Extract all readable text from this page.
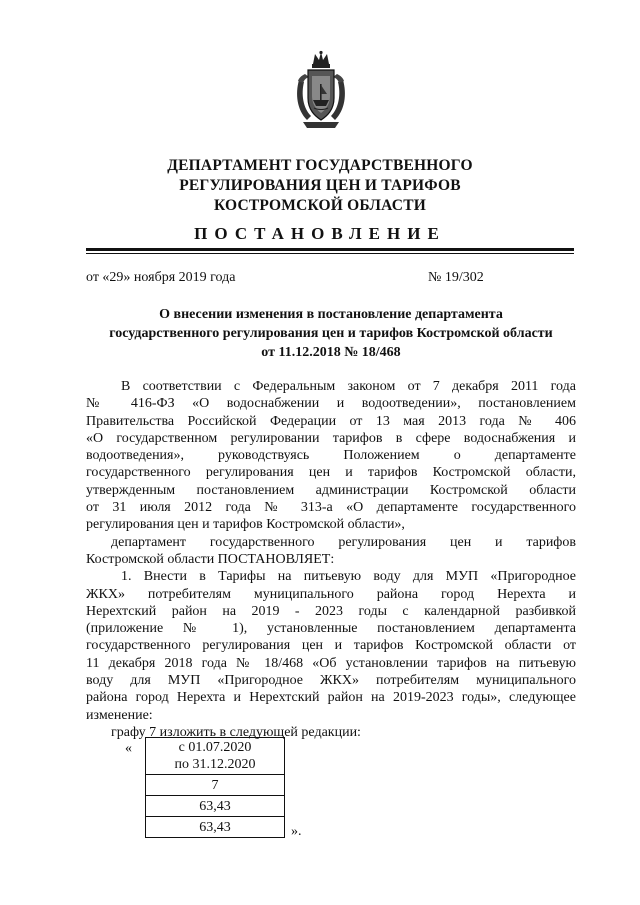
ДЕПАРТАМЕНТ ГОСУДАРСТВЕННОГО
РЕГУЛИРОВАНИЯ ЦЕН И ТАРИФОВ
КОСТРОМСКОЙ ОБЛАСТИ
ПОСТАНОВЛЕНИЕ
от «29» ноября 2019 года	№ 19/302
О внесении изменения в постановление департамента
государственного регулирования цен и тарифов Костромской области
от 11.12.2018 № 18/468
В соответствии с Федеральным законом от 7 декабря 2011 года
№ 416-ФЗ «О водоснабжении и водоотведении», постановлением
Правительства Российской Федерации от 13 мая 2013 года № 406
«О государственном регулировании тарифов в сфере водоснабжения и
водоотведения», руководствуясь Положением о департаменте
государственного регулирования цен и тарифов Костромской области,
утвержденным постановлением администрации Костромской области
от 31 июля 2012 года № 313-а «О департаменте государственного
регулирования цен и тарифов Костромской области»,
департамент государственного регулирования цен и тарифов
Костромской области ПОСТАНОВЛЯЕТ:
1. Внести в Тарифы на питьевую воду для МУП «Пригородное
ЖКХ» потребителям муниципального района город Нерехта и
Нерехтский район на 2019 - 2023 годы с календарной разбивкой
(приложение № 1), установленные постановлением департамента
государственного регулирования цен и тарифов Костромской области от
11 декабря 2018 года № 18/468 «Об установлении тарифов на питьевую
воду для МУП «Пригородное ЖКХ» потребителям муниципального
района город Нерехта и Нерехтский район на 2019-2023 годы», следующее
изменение:
графу 7 изложить в следующей редакции:
«	с 01.07.2020
по 31.12.2020

7
63,43
63,43	».
